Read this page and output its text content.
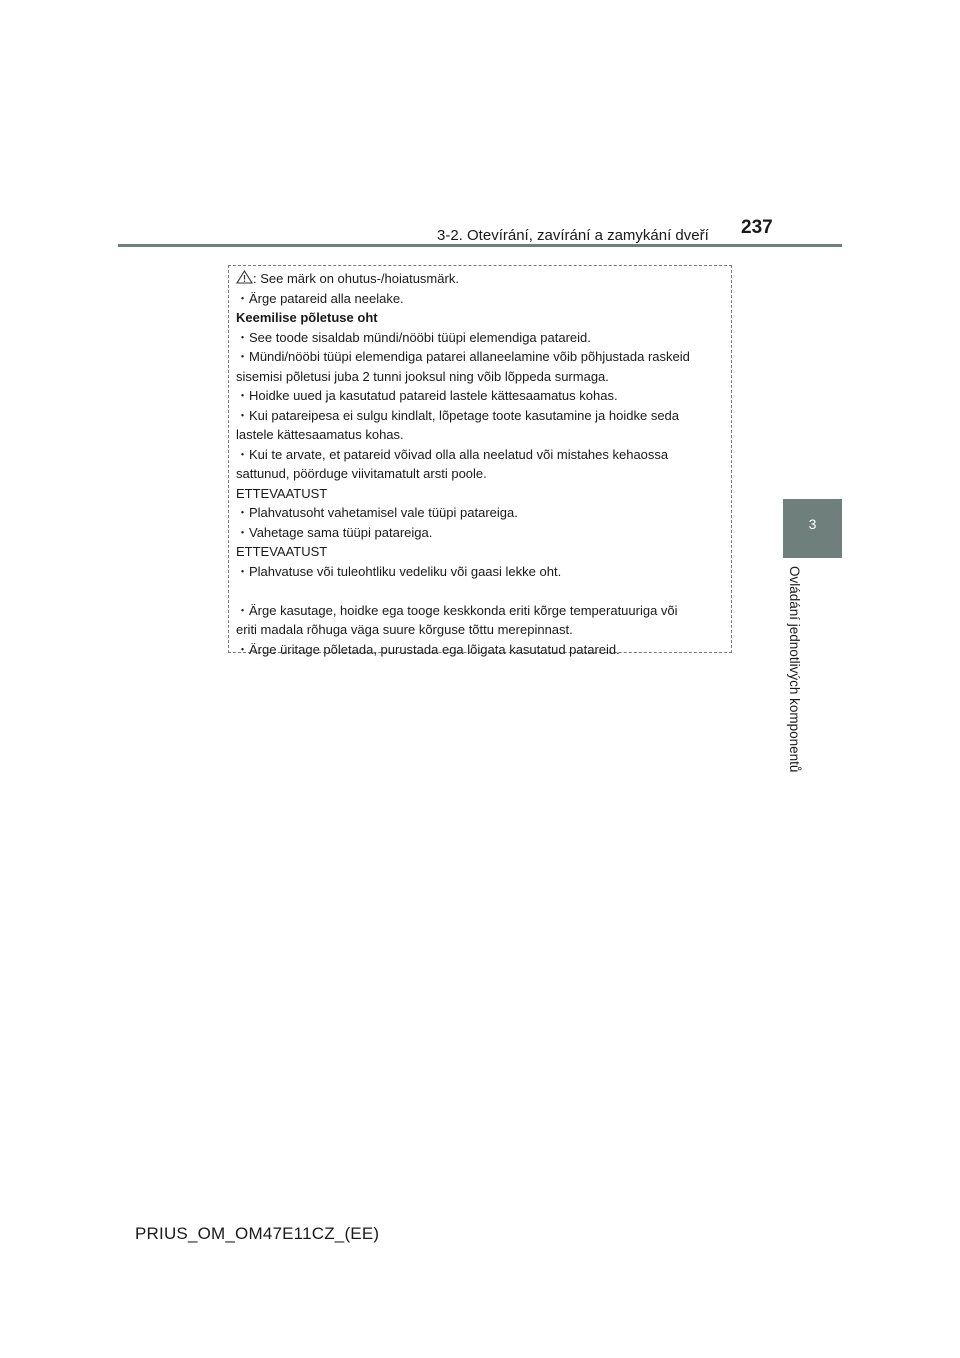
3-2. Otevírání, zavírání a zamykání dveří 237
3
Ovládání jednotlivých komponentů
: See märk on ohutus-/hoiatusmärk.
・Ärge patareid alla neelake.
Keemilise põletuse oht
・See toode sisaldab mündi/nööbi tüüpi elemendiga patareid.
・Mündi/nööbi tüüpi elemendiga patarei allaneelamine võib põhjustada raskeid
sisemisi põletusi juba 2 tunni jooksul ning võib lõppeda surmaga.
・Hoidke uued ja kasutatud patareid lastele kättesaamatus kohas.
・Kui patareipesa ei sulgu kindlalt, lõpetage toote kasutamine ja hoidke seda
lastele kättesaamatus kohas.
・Kui te arvate, et patareid võivad olla alla neelatud või mistahes kehaossa
sattunud, pöörduge viivitamatult arsti poole.
ETTEVAATUST
・Plahvatusoht vahetamisel vale tüüpi patareiga.
・Vahetage sama tüüpi patareiga.
ETTEVAATUST
・Plahvatuse või tuleohtliku vedeliku või gaasi lekke oht.
・Ärge kasutage, hoidke ega tooge keskkonda eriti kõrge temperatuuriga või
eriti madala rõhuga väga suure kõrguse tõttu merepinnast.
・Ärge üritage põletada, purustada ega lõigata kasutatud patareid.
PRIUS_OM_OM47E11CZ_(EE)
